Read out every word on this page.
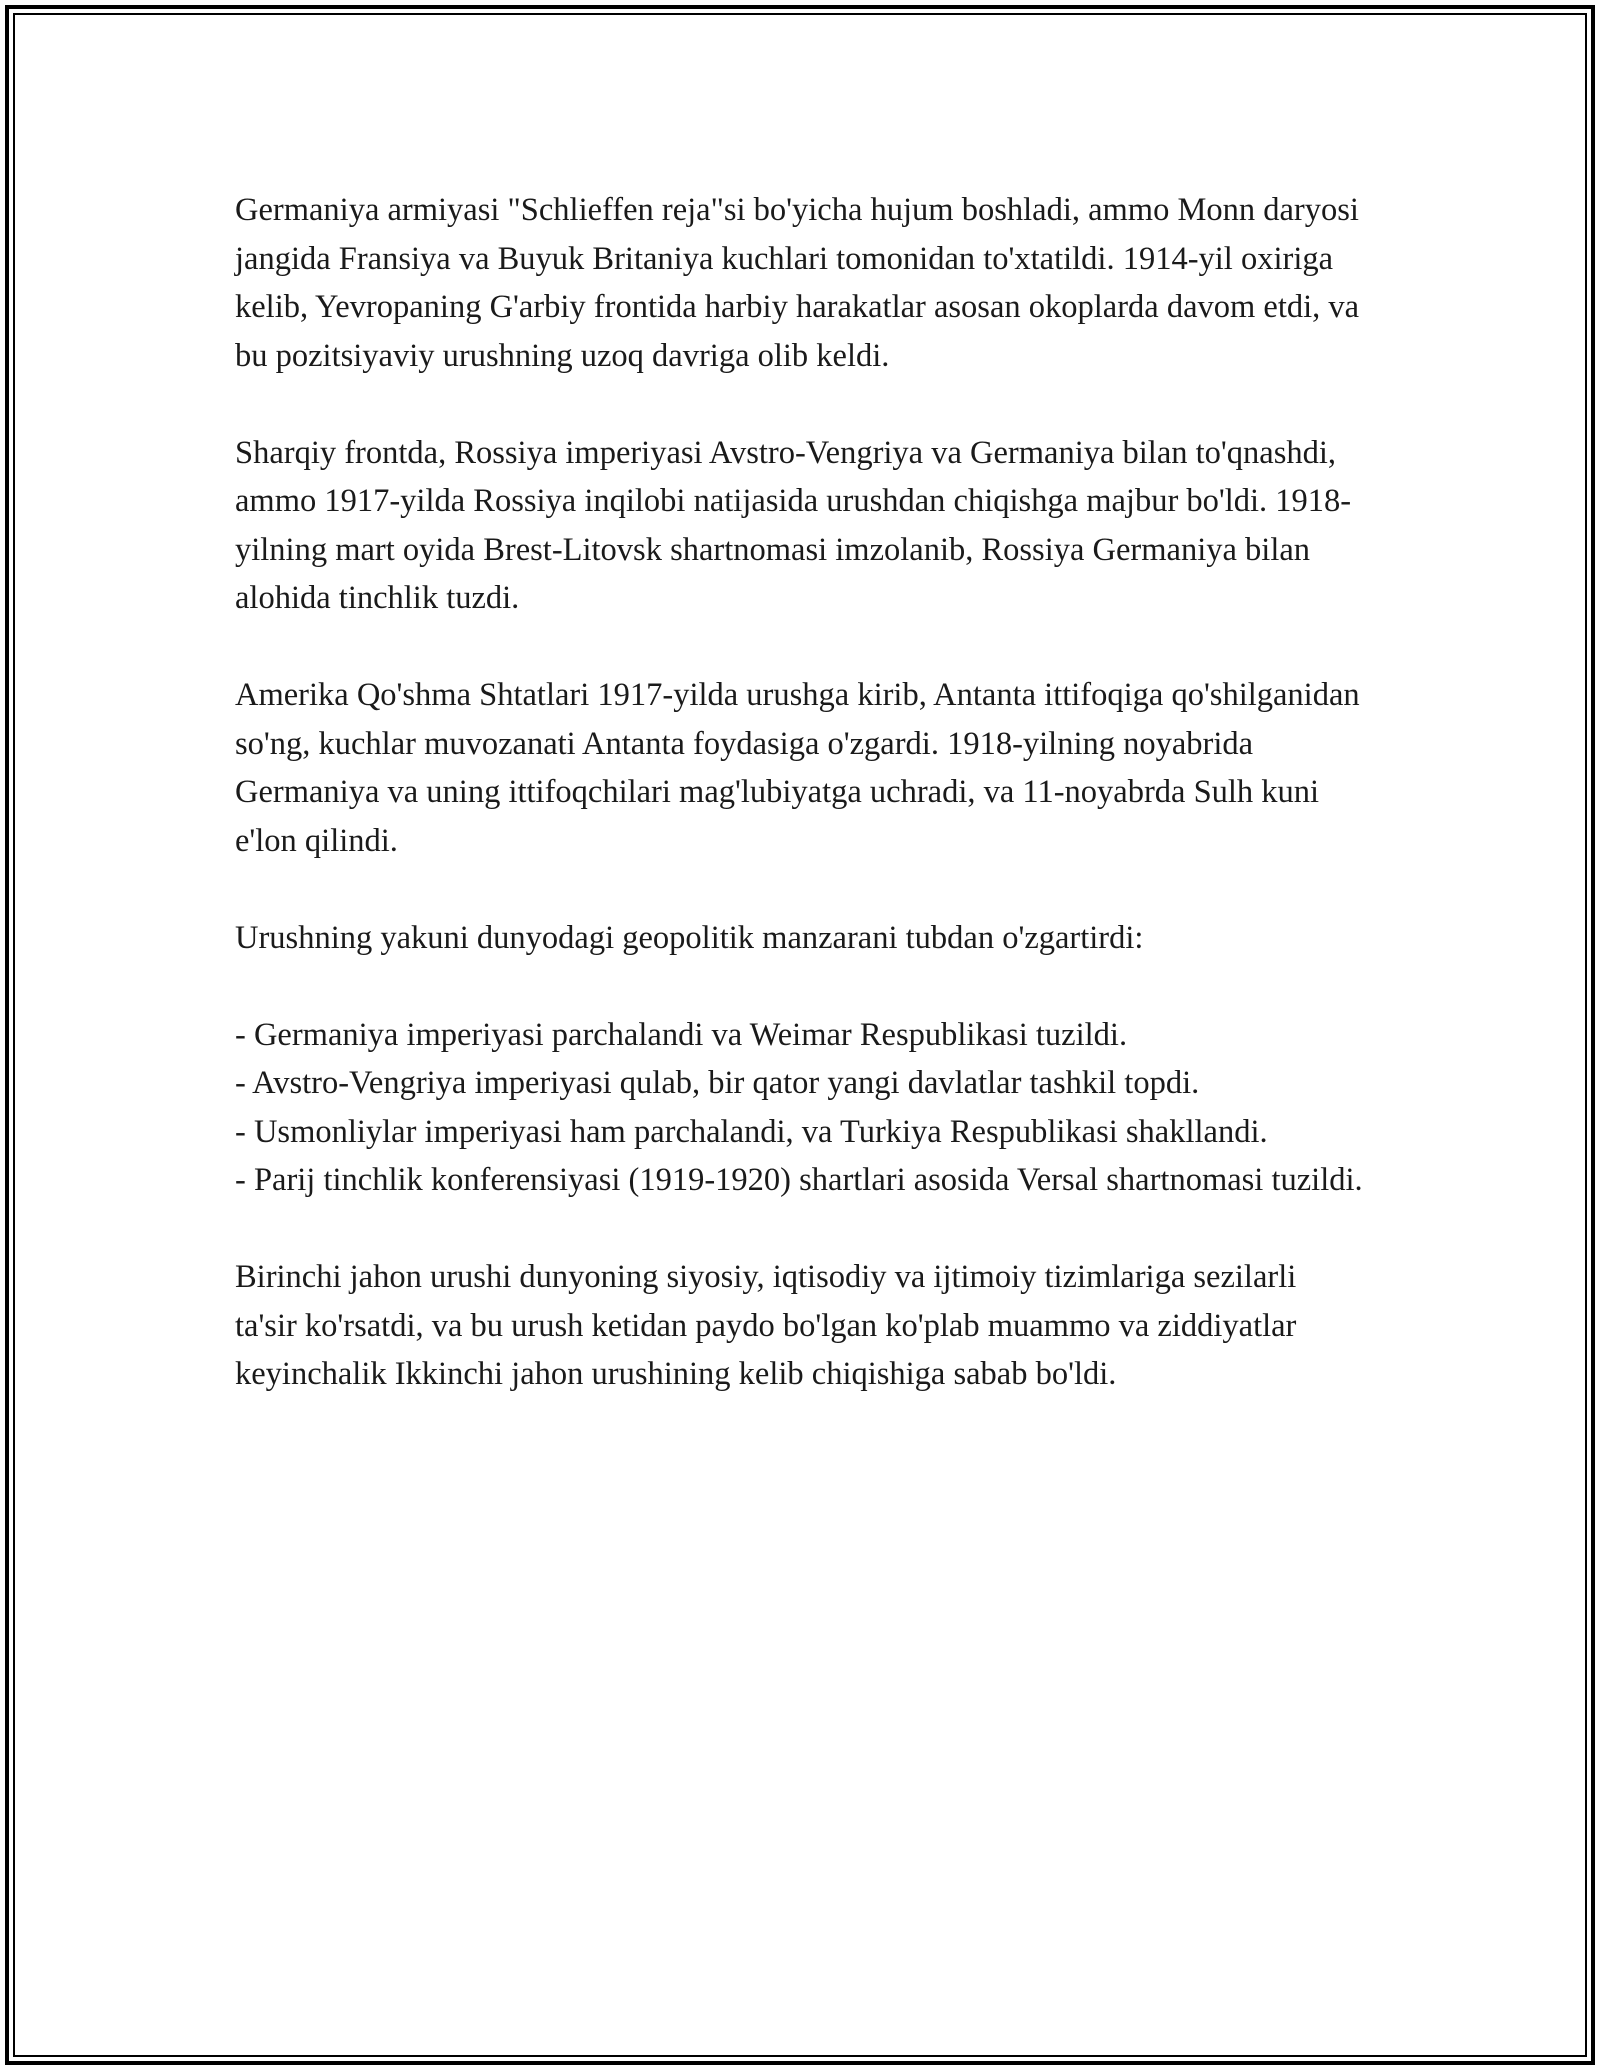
Germaniya armiyasi "Schlieffen reja"si bo'yicha hujum boshladi, ammo Monn daryosi jangida Fransiya va Buyuk Britaniya kuchlari tomonidan to'xtatildi. 1914-yil oxiriga kelib, Yevropaning G'arbiy frontida harbiy harakatlar asosan okoplarda davom etdi, va bu pozitsiyaviy urushning uzoq davriga olib keldi.

Sharqiy frontda, Rossiya imperiyasi Avstro-Vengriya va Germaniya bilan to'qnashdi, ammo 1917-yilda Rossiya inqilobi natijasida urushdan chiqishga majbur bo'ldi. 1918-yilning mart oyida Brest-Litovsk shartnomasi imzolanib, Rossiya Germaniya bilan alohida tinchlik tuzdi.

Amerika Qo'shma Shtatlari 1917-yilda urushga kirib, Antanta ittifoqiga qo'shilganidan so'ng, kuchlar muvozanati Antanta foydasiga o'zgardi. 1918-yilning noyabrida Germaniya va uning ittifoqchilari mag'lubiyatga uchradi, va 11-noyabrda Sulh kuni e'lon qilindi.

Urushning yakuni dunyodagi geopolitik manzarani tubdan o'zgartirdi:

- Germaniya imperiyasi parchalandi va Weimar Respublikasi tuzildi.
- Avstro-Vengriya imperiyasi qulab, bir qator yangi davlatlar tashkil topdi.
- Usmonliylar imperiyasi ham parchalandi, va Turkiya Respublikasi shakllandi.
- Parij tinchlik konferensiyasi (1919-1920) shartlari asosida Versal shartnomasi tuzildi.

Birinchi jahon urushi dunyoning siyosiy, iqtisodiy va ijtimoiy tizimlariga sezilarli ta'sir ko'rsatdi, va bu urush ketidan paydo bo'lgan ko'plab muammo va ziddiyatlar keyinchalik Ikkinchi jahon urushining kelib chiqishiga sabab bo'ldi.
